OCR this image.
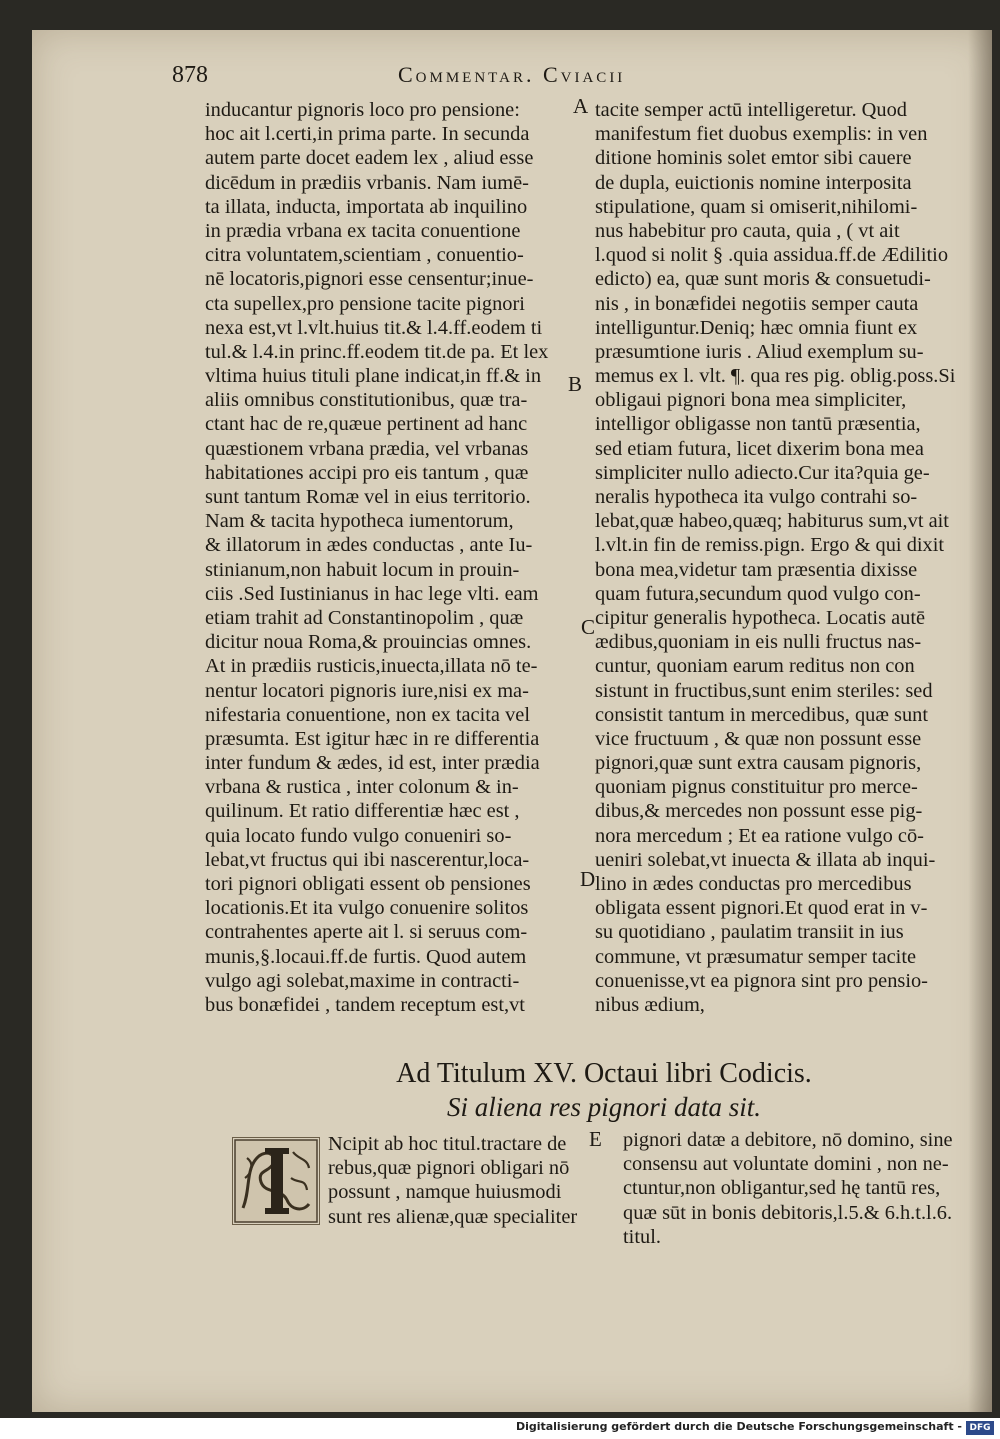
878	Commentar. Cviacii
inducantur pignoris loco pro pensione:
hoc ait l.certi,in prima parte. In secunda
autem parte docet eadem lex , aliud esse
dicēdum in prædiis vrbanis. Nam iumē-
ta illata, inducta, importata ab inquilino
in prædia vrbana ex tacita conuentione
citra voluntatem,scientiam , conuentio-
nē locatoris,pignori esse censentur;inue-
cta supellex,pro pensione tacite pignori
nexa est,vt l.vlt.huius tit.& l.4.ff.eodem ti
tul.& l.4.in princ.ff.eodem tit.de pa. Et lex
vltima huius tituli plane indicat,in ff.& in
aliis omnibus constitutionibus, quæ tra-
ctant hac de re,quæue pertinent ad hanc
quæstionem vrbana prædia, vel vrbanas
habitationes accipi pro eis tantum , quæ
sunt tantum Romæ vel in eius territorio.
Nam & tacita hypotheca iumentorum,
& illatorum in ædes conductas , ante Iu-
stinianum,non habuit locum in prouin-
ciis .Sed Iustinianus in hac lege vlti. eam
etiam trahit ad Constantinopolim , quæ
dicitur noua Roma,& prouincias omnes.
At in prædiis rusticis,inuecta,illata nō te-
nentur locatori pignoris iure,nisi ex ma-
nifestaria conuentione, non ex tacita vel
præsumta. Est igitur hæc in re differentia
inter fundum & ædes, id est, inter prædia
vrbana & rustica , inter colonum & in-
quilinum. Et ratio differentiæ hæc est ,
quia locato fundo vulgo conueniri so-
lebat,vt fructus qui ibi nascerentur,loca-
tori pignori obligati essent ob pensiones
locationis.Et ita vulgo conuenire solitos
contrahentes aperte ait l. si seruus com-
munis,§.locaui.ff.de furtis. Quod autem
vulgo agi solebat,maxime in contracti-
bus bonæfidei , tandem receptum est,vt
tacite semper actū intelligeretur. Quod
manifestum fiet duobus exemplis: in ven
ditione hominis solet emtor sibi cauere
de dupla, euictionis nomine interposita
stipulatione, quam si omiserit,nihilomi-
nus habebitur pro cauta, quia , ( vt ait
l.quod si nolit § .quia assidua.ff.de Ædilitio
edicto) ea, quæ sunt moris & consuetudi-
nis , in bonæfidei negotiis semper cauta
intelliguntur.Deniq; hæc omnia fiunt ex
præsumtione iuris . Aliud exemplum su-
memus ex l. vlt. ¶. qua res pig. oblig.poss.Si
obligaui pignori bona mea simpliciter,
intelligor obligasse non tantū præsentia,
sed etiam futura, licet dixerim bona mea
simpliciter nullo adiecto.Cur ita?quia ge-
neralis hypotheca ita vulgo contrahi so-
lebat,quæ habeo,quæq; habiturus sum,vt ait
l.vlt.in fin de remiss.pign. Ergo & qui dixit
bona mea,videtur tam præsentia dixisse
quam futura,secundum quod vulgo con-
cipitur generalis hypotheca. Locatis autē
ædibus,quoniam in eis nulli fructus nas-
cuntur, quoniam earum reditus non con
sistunt in fructibus,sunt enim steriles: sed
consistit tantum in mercedibus, quæ sunt
vice fructuum , & quæ non possunt esse
pignori,quæ sunt extra causam pignoris,
quoniam pignus constituitur pro merce-
dibus,& mercedes non possunt esse pig-
nora mercedum ; Et ea ratione vulgo cō-
ueniri solebat,vt inuecta & illata ab inqui-
lino in ædes conductas pro mercedibus
obligata essent pignori.Et quod erat in v-
su quotidiano , paulatim transiit in ius
commune, vt præsumatur semper tacite
conuenisse,vt ea pignora sint pro pensio-
nibus ædium,
A
B
C
D
E
Ad Titulum XV. Octaui libri Codicis.
Si aliena res pignori data sit.
Ncipit ab hoc titul.tractare de
rebus,quæ pignori obligari nō
possunt , namque huiusmodi
sunt res alienæ,quæ specialiter
pignori datæ a debitore, nō domino, sine
consensu aut voluntate domini , non ne-
ctuntur,non obligantur,sed hę tantū res,
quæ sūt in bonis debitoris,l.5.& 6.h.t.l.6.
titul.
Digitalisierung gefördert durch die Deutsche Forschungsgemeinschaft - DFG
